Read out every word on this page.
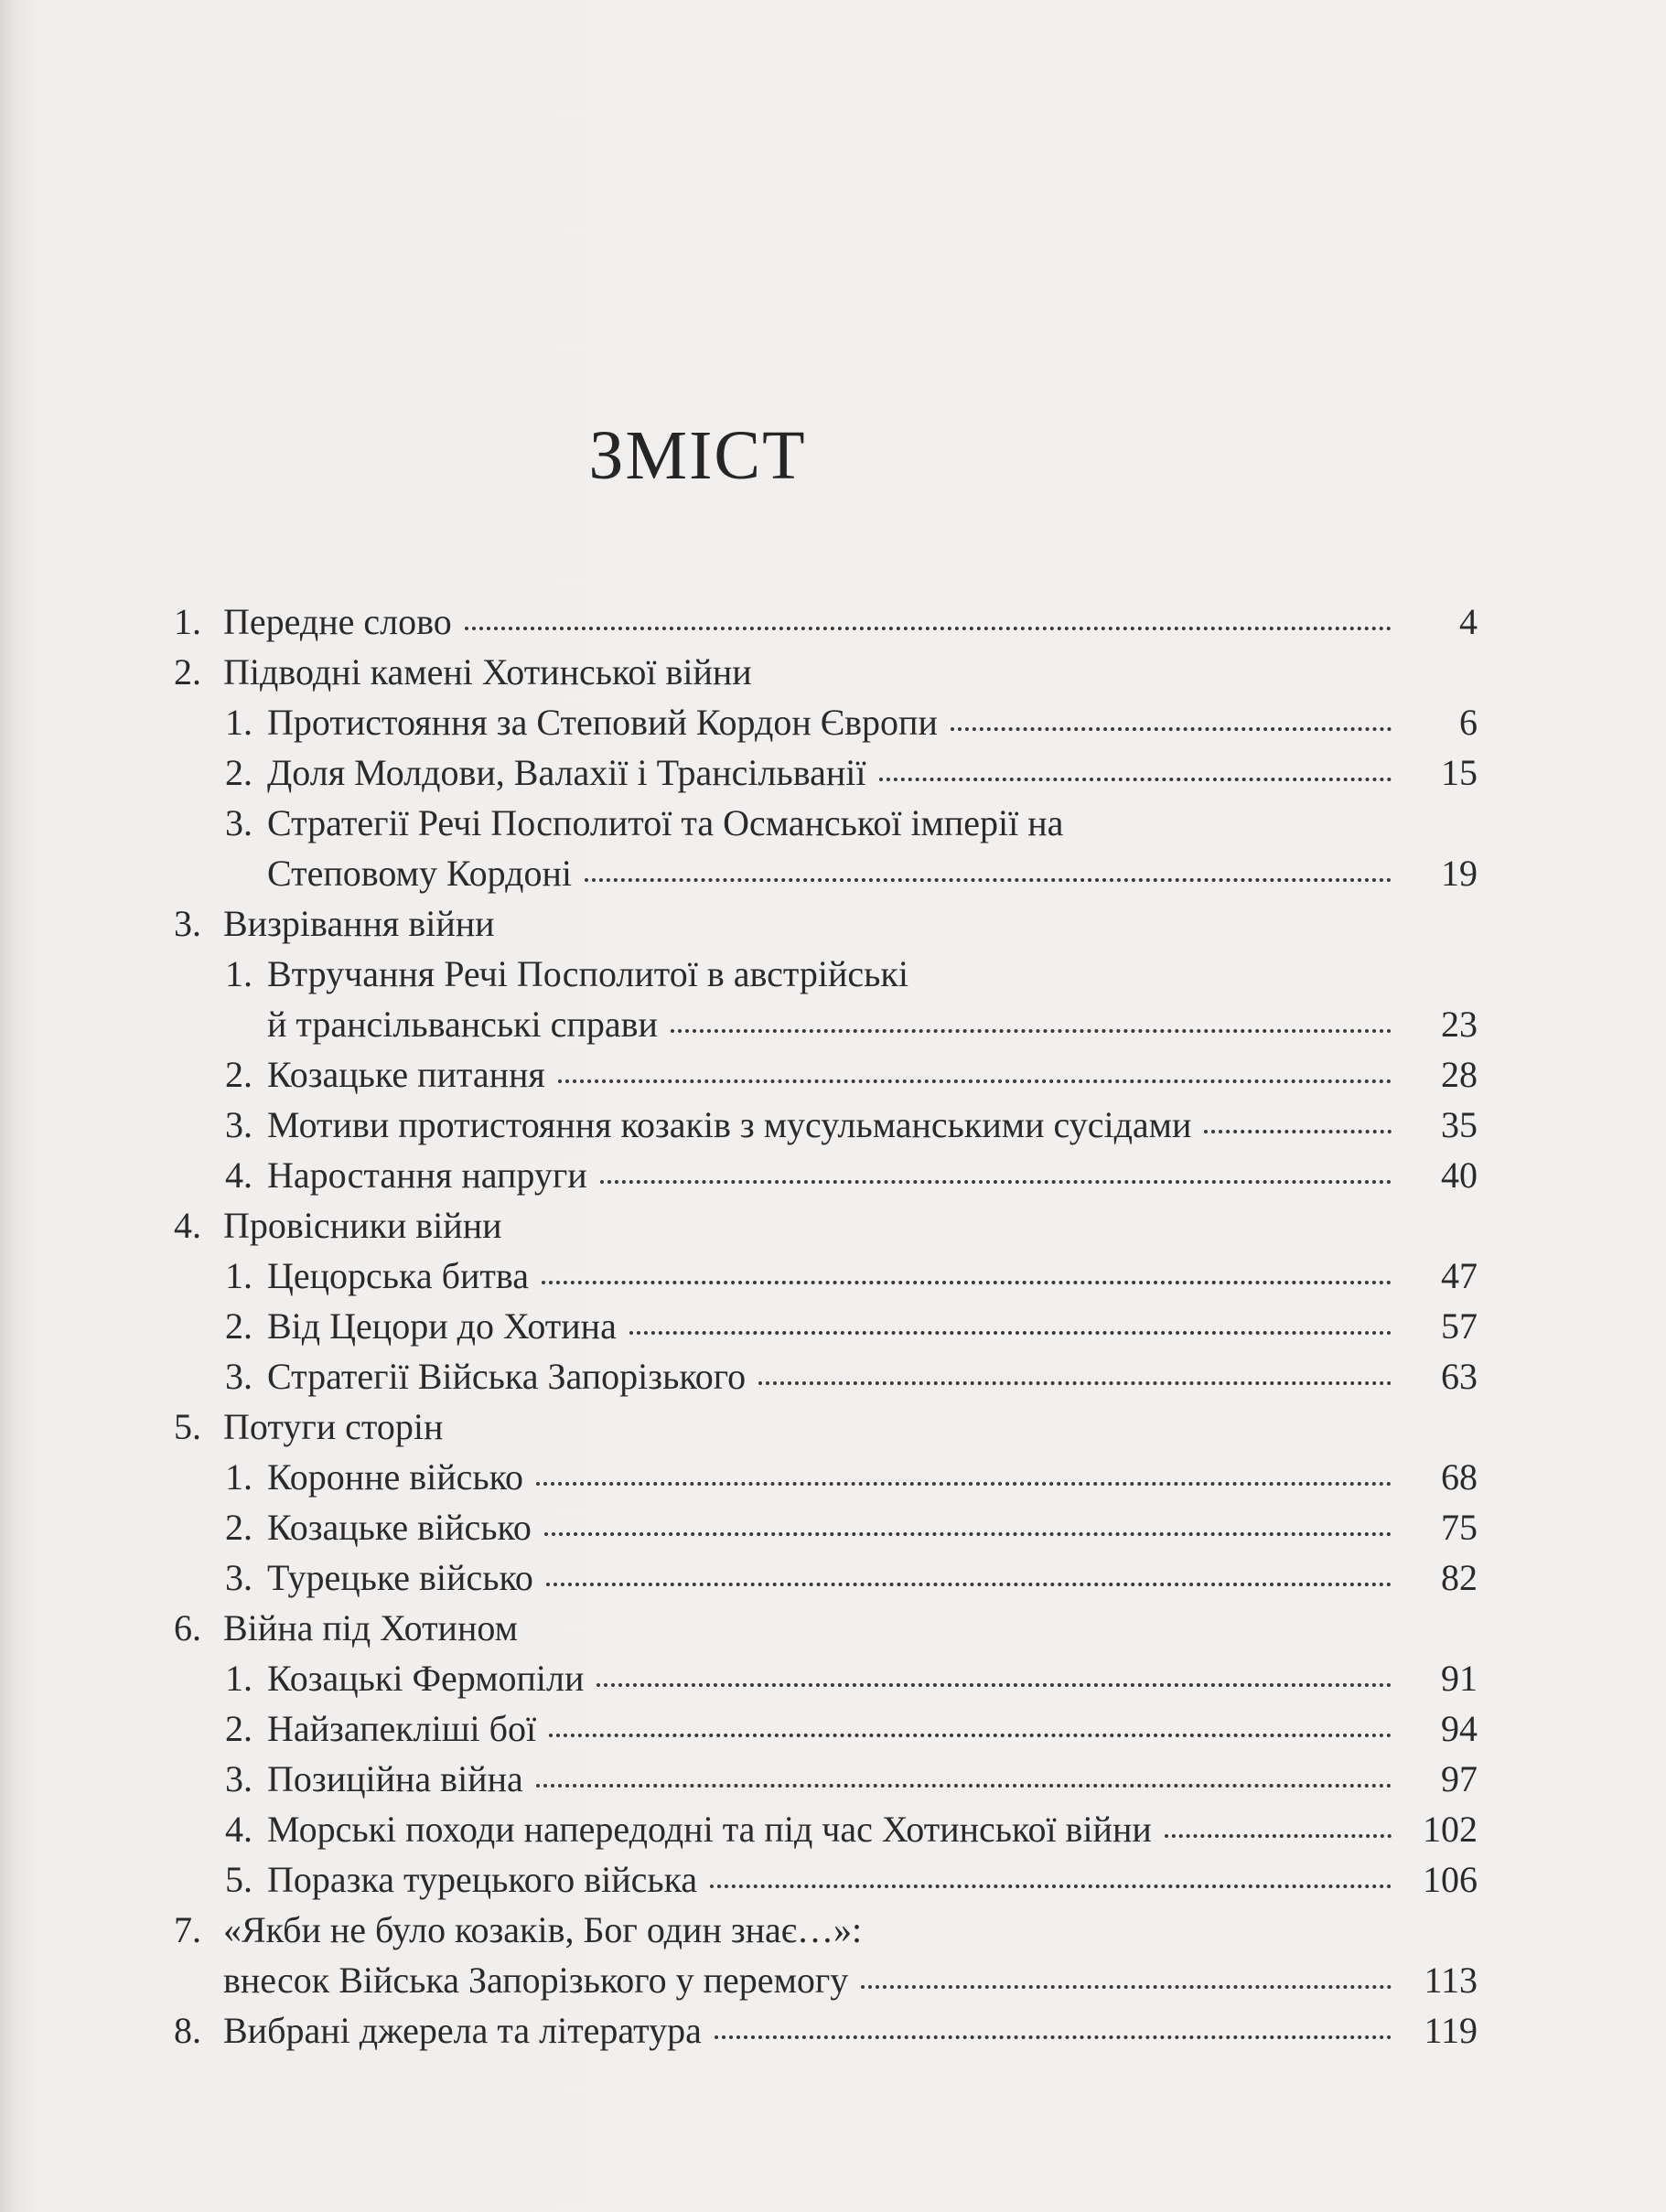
ЗМІСТ
1. Передне слово	4
2. Підводні камені Хотинської війни
1. Протистояння за Степовий Кордон Європи	6
2. Доля Молдови, Валахії і Трансільванії	15
3. Стратегії Речі Посполитої та Османської імперії на
Степовому Кордоні	19
3. Визрівання війни
1. Втручання Речі Посполитої в австрійські
й трансільванські справи	23
2. Козацьке питання	28
3. Мотиви протистояння козаків з мусульманськими сусідами	35
4. Наростання напруги	40
4. Провісники війни
1. Цецорська битва	47
2. Від Цецори до Хотина	57
3. Стратегії Війська Запорізького	63
5. Потуги сторін
1. Коронне військо	68
2. Козацьке військо	75
3. Турецьке військо	82
6. Війна під Хотином
1. Козацькі Фермопіли	91
2. Найзапекліші бої	94
3. Позиційна війна	97
4. Морські походи напередодні та під час Хотинської війни	102
5. Поразка турецького війська	106
7. «Якби не було козаків, Бог один знає…»:
внесок Війська Запорізького у перемогу	113
8. Вибрані джерела та література	119
